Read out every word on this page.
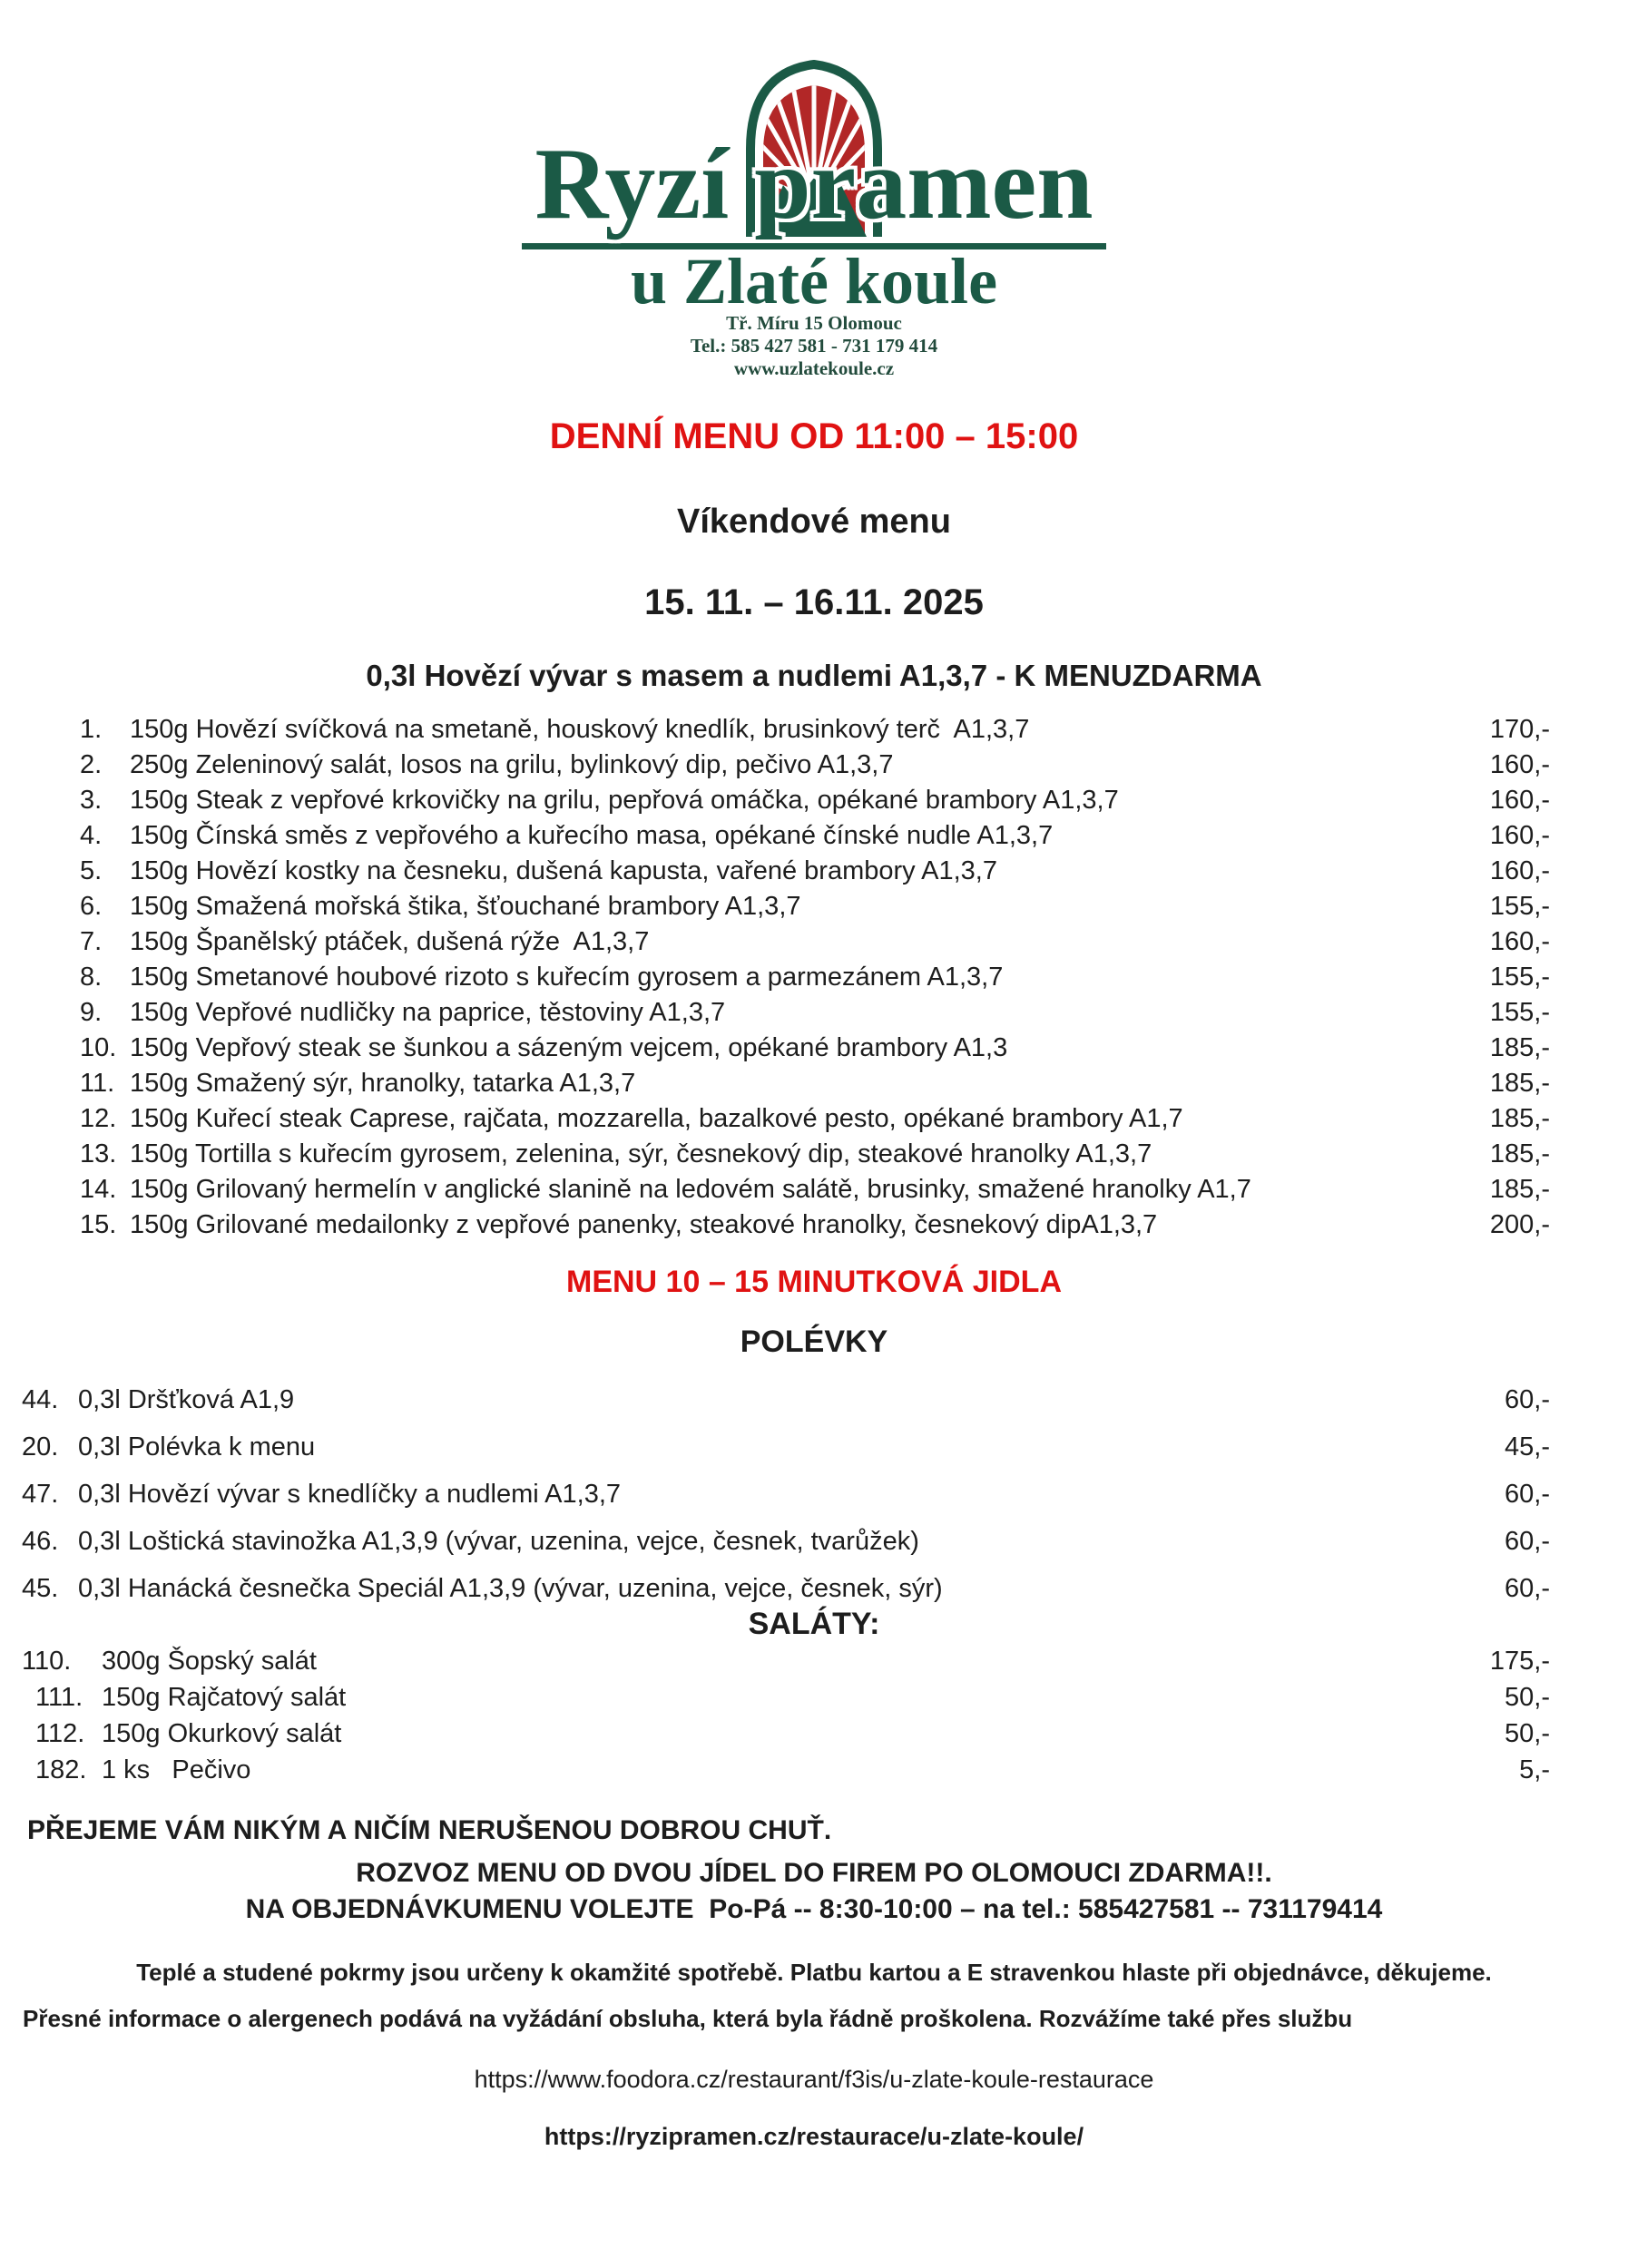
Ryzí pramen
u Zlaté koule
Tř. Míru 15 Olomouc
Tel.: 585 427 581 - 731 179 414
www.uzlatekoule.cz
DENNÍ MENU OD 11:00 – 15:00
Víkendové menu
15. 11. – 16.11. 2025
0,3l Hovězí vývar s masem a nudlemi A1,3,7 - K MENUZDARMA
1.	150g Hovězí svíčková na smetaně, houskový knedlík, brusinkový terč  A1,3,7	170,-
2.	250g Zeleninový salát, losos na grilu, bylinkový dip, pečivo A1,3,7	160,-
3.	150g Steak z vepřové krkovičky na grilu, pepřová omáčka, opékané brambory A1,3,7	160,-
4.	150g Čínská směs z vepřového a kuřecího masa, opékané čínské nudle A1,3,7	160,-
5.	150g Hovězí kostky na česneku, dušená kapusta, vařené brambory A1,3,7	160,-
6.	150g Smažená mořská štika, šťouchané brambory A1,3,7	155,-
7.	150g Španělský ptáček, dušená rýže  A1,3,7	160,-
8.	150g Smetanové houbové rizoto s kuřecím gyrosem a parmezánem A1,3,7	155,-
9.	150g Vepřové nudličky na paprice, těstoviny A1,3,7	155,-
10. 150g Vepřový steak se šunkou a sázeným vejcem, opékané brambory A1,3	185,-
11. 150g Smažený sýr, hranolky, tatarka A1,3,7	185,-
12. 150g Kuřecí steak Caprese, rajčata, mozzarella, bazalkové pesto, opékané brambory A1,7	185,-
13. 150g Tortilla s kuřecím gyrosem, zelenina, sýr, česnekový dip, steakové hranolky A1,3,7	185,-
14. 150g Grilovaný hermelín v anglické slanině na ledovém salátě, brusinky, smažené hranolky A1,7	185,-
15. 150g Grilované medailonky z vepřové panenky, steakové hranolky, česnekový dipA1,3,7	200,-
MENU 10 – 15 MINUTKOVÁ JIDLA
POLÉVKY
44. 0,3l Dršťková A1,9	60,-
20. 0,3l Polévka k menu	45,-
47. 0,3l Hovězí vývar s knedlíčky a nudlemi A1,3,7	60,-
46. 0,3l Loštická stavinožka A1,3,9 (vývar, uzenina, vejce, česnek, tvarůžek)	60,-
45. 0,3l Hanácká česnečka Speciál A1,3,9 (vývar, uzenina, vejce, česnek, sýr)	60,-
SALÁTY:
110.	300g Šopský salát	175,-
111. 150g Rajčatový salát	50,-
112. 150g Okurkový salát	50,-
182. 1 ks   Pečivo	5,-
PŘEJEME VÁM NIKÝM A NIČÍM NERUŠENOU DOBROU CHUŤ.
ROZVOZ MENU OD DVOU JÍDEL DO FIREM PO OLOMOUCI ZDARMA!!.
NA OBJEDNÁVKUMENU VOLEJTE  Po-Pá -- 8:30-10:00 – na tel.: 585427581 -- 731179414
Teplé a studené pokrmy jsou určeny k okamžité spotřebě. Platbu kartou a E stravenkou hlaste při objednávce, děkujeme.
Přesné informace o alergenech podává na vyžádání obsluha, která byla řádně proškolena. Rozvážíme také přes službu
https://www.foodora.cz/restaurant/f3is/u-zlate-koule-restaurace
https://ryzipramen.cz/restaurace/u-zlate-koule/
